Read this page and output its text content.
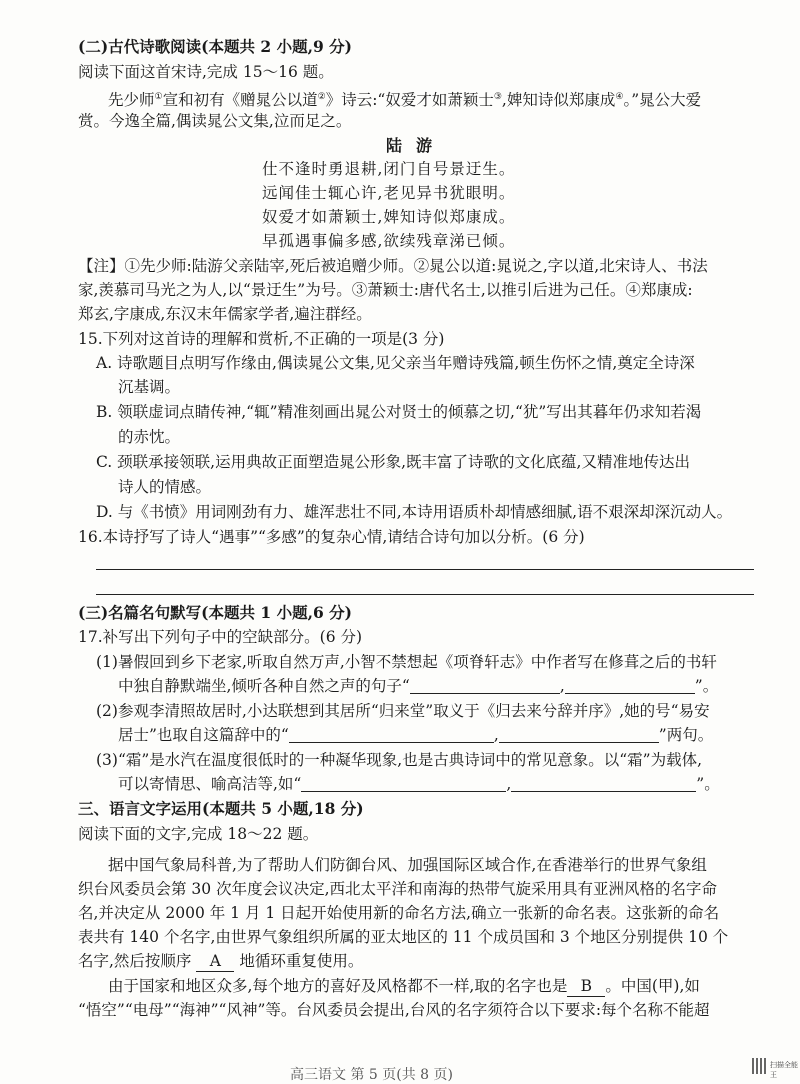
(二)古代诗歌阅读(本题共 2 小题,9 分)
阅读下面这首宋诗,完成 15～16 题。
先少师①宣和初有《赠晁公以道②》诗云:“奴爱才如萧颖士③,婢知诗似郑康成④。”晁公大爱
赏。今逸全篇,偶读晁公文集,泣而足之。
陆游
仕不逢时勇退耕,闭门自号景迂生。
远闻佳士辄心许,老见异书犹眼明。
奴爱才如萧颖士,婢知诗似郑康成。
早孤遇事偏多感,欲续残章涕已倾。
【注】①先少师:陆游父亲陆宰,死后被追赠少师。②晁公以道:晁说之,字以道,北宋诗人、书法
家,羡慕司马光之为人,以“景迂生”为号。③萧颖士:唐代名士,以推引后进为己任。④郑康成:
郑玄,字康成,东汉末年儒家学者,遍注群经。
15.下列对这首诗的理解和赏析,不正确的一项是(3 分)
A. 诗歌题目点明写作缘由,偶读晁公文集,见父亲当年赠诗残篇,顿生伤怀之情,奠定全诗深
沉基调。
B. 领联虚词点睛传神,“辄”精准刻画出晁公对贤士的倾慕之切,“犹”写出其暮年仍求知若渴
的赤忱。
C. 颈联承接领联,运用典故正面塑造晁公形象,既丰富了诗歌的文化底蕴,又精准地传达出
诗人的情感。
D. 与《书愤》用词刚劲有力、雄浑悲壮不同,本诗用语质朴却情感细腻,语不艰深却深沉动人。
16.本诗抒写了诗人“遇事”“多感”的复杂心情,请结合诗句加以分析。(6 分)
(三)名篇名句默写(本题共 1 小题,6 分)
17.补写出下列句子中的空缺部分。(6 分)
(1)暑假回到乡下老家,听取自然万声,小智不禁想起《项脊轩志》中作者写在修葺之后的书轩
中独自静默端坐,倾听各种自然之声的句子“	,	”。
(2)参观李清照故居时,小达联想到其居所“归来堂”取义于《归去来兮辞并序》,她的号“易安
居士”也取自这篇辞中的“	,	”两句。
(3)“霜”是水汽在温度很低时的一种凝华现象,也是古典诗词中的常见意象。以“霜”为载体,
可以寄情思、喻高洁等,如“	,	”。
三、语言文字运用(本题共 5 小题,18 分)
阅读下面的文字,完成 18～22 题。
据中国气象局科普,为了帮助人们防御台风、加强国际区域合作,在香港举行的世界气象组
织台风委员会第 30 次年度会议决定,西北太平洋和南海的热带气旋采用具有亚洲风格的名字命
名,并决定从 2000 年 1 月 1 日起开始使用新的命名方法,确立一张新的命名表。这张新的命名
表共有 140 个名字,由世界气象组织所属的亚太地区的 11 个成员国和 3 个地区分别提供 10 个
名字,然后按顺序 A 地循环重复使用。
由于国家和地区众多,每个地方的喜好及风格都不一样,取的名字也是 B 。中国(甲),如
“悟空”“电母”“海神”“风神”等。台风委员会提出,台风的名字须符合以下要求:每个名称不能超
高三语文 第 5 页(共 8 页)
扫描全能王
